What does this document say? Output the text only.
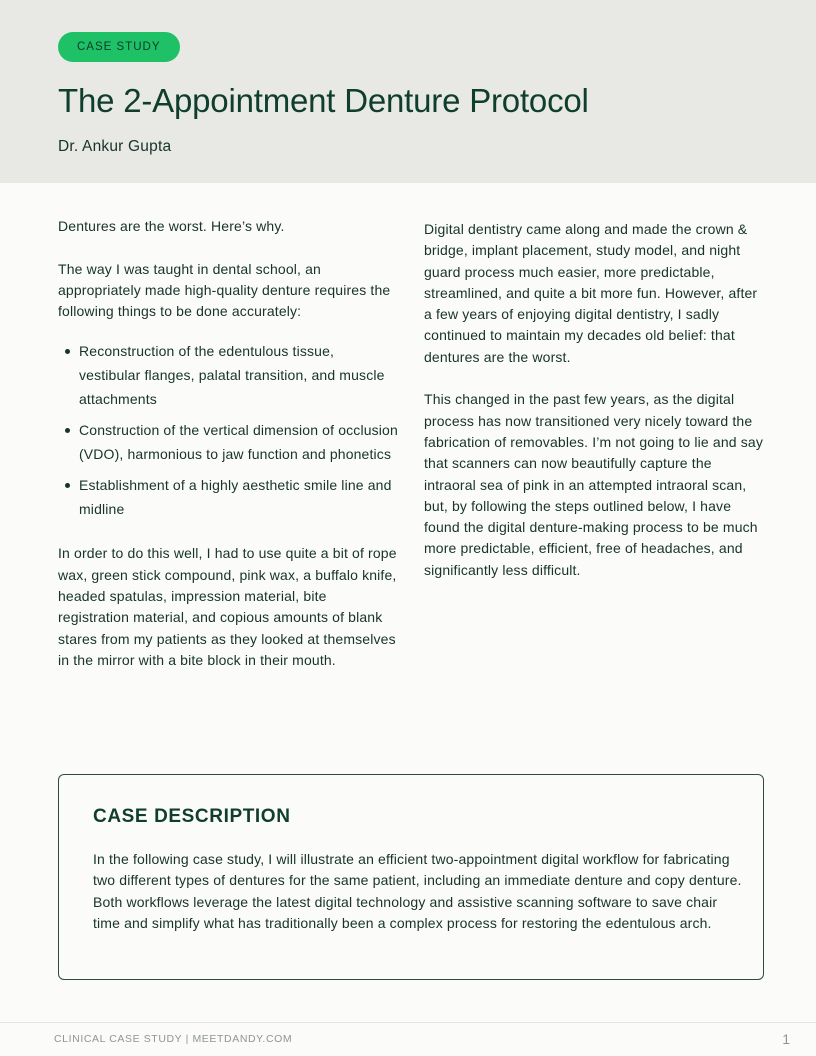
CASE STUDY
The 2-Appointment Denture Protocol
Dr. Ankur Gupta

Dentures are the worst. Here’s why.

The way I was taught in dental school, an appropriately made high-quality denture requires the following things to be done accurately:

Reconstruction of the edentulous tissue, vestibular flanges, palatal transition, and muscle attachments
Construction of the vertical dimension of occlusion (VDO), harmonious to jaw function and phonetics
Establishment of a highly aesthetic smile line and midline

In order to do this well, I had to use quite a bit of rope wax, green stick compound, pink wax, a buffalo knife, headed spatulas, impression material, bite registration material, and copious amounts of blank stares from my patients as they looked at themselves in the mirror with a bite block in their mouth.

Digital dentistry came along and made the crown & bridge, implant placement, study model, and night guard process much easier, more predictable, streamlined, and quite a bit more fun. However, after a few years of enjoying digital dentistry, I sadly continued to maintain my decades old belief: that dentures are the worst.

This changed in the past few years, as the digital process has now transitioned very nicely toward the fabrication of removables. I’m not going to lie and say that scanners can now beautifully capture the intraoral sea of pink in an attempted intraoral scan, but, by following the steps outlined below, I have found the digital denture-making process to be much more predictable, efficient, free of headaches, and significantly less difficult.

CASE DESCRIPTION

In the following case study, I will illustrate an efficient two-appointment digital workflow for fabricating two different types of dentures for the same patient, including an immediate denture and copy denture. Both workflows leverage the latest digital technology and assistive scanning software to save chair time and simplify what has traditionally been a complex process for restoring the edentulous arch.

CLINICAL CASE STUDY | MEETDANDY.COM	1
